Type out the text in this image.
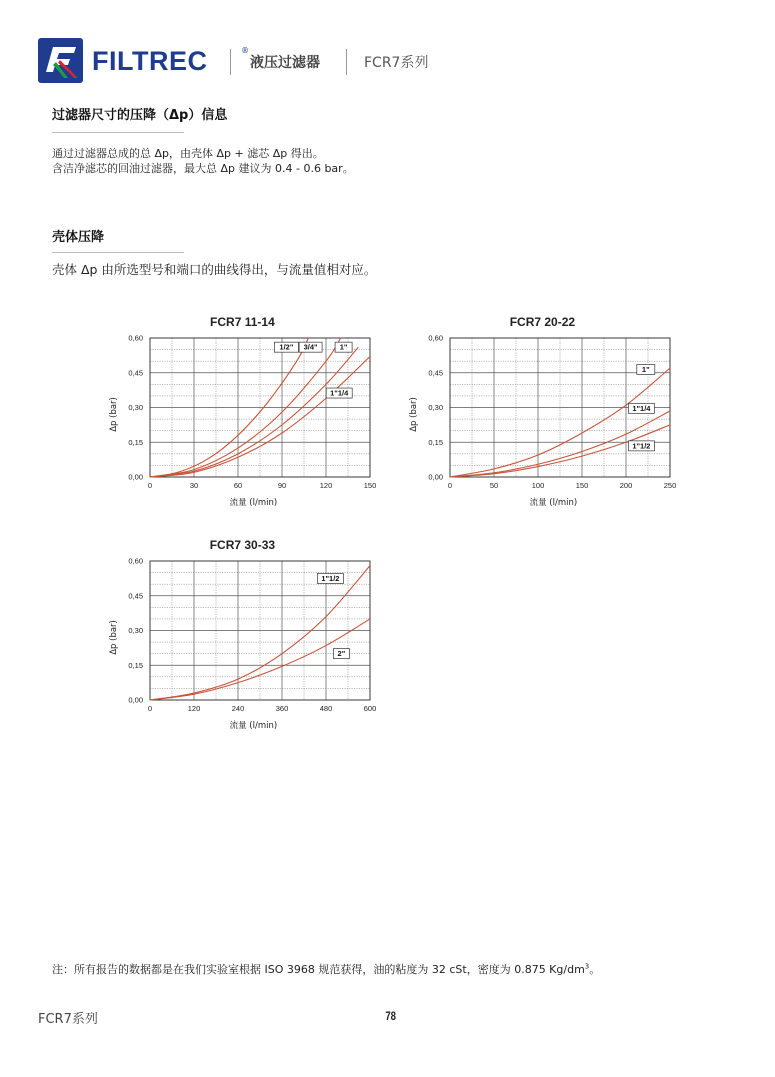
FILTREC	®
液压过滤器	FCR7系列
过滤器尺寸的压降（Δp）信息
通过过滤器总成的总 Δp，由壳体 Δp + 滤芯 Δp 得出。
含洁净滤芯的回油过滤器，最大总 Δp 建议为 0.4 - 0.6 bar。
壳体压降
壳体 Δp 由所选型号和端口的曲线得出，与流量值相对应。
FCR7 11-14
0	30	60	90	120	150
0,00
0,15
0,30
0,45
0,60
流量 (l/min)
Δp (bar)
1/2" 3/4"	1"
1"1/4
FCR7 20-22
0	50	100	150	200	250
0,00
0,15
0,30
0,45
0,60
流量 (l/min)
Δp (bar)
1"
1"1/4
1"1/2
FCR7 30-33
0	120	240	360	480	600
0,00
0,15
0,30
0,45
0,60
流量 (l/min)
Δp (bar)
1"1/2
2"
注：所有报告的数据都是在我们实验室根据 ISO 3968 规范获得，油的粘度为 32 cSt，密度为 0.875 $Kg/dm^3$。
FCR7系列	78
